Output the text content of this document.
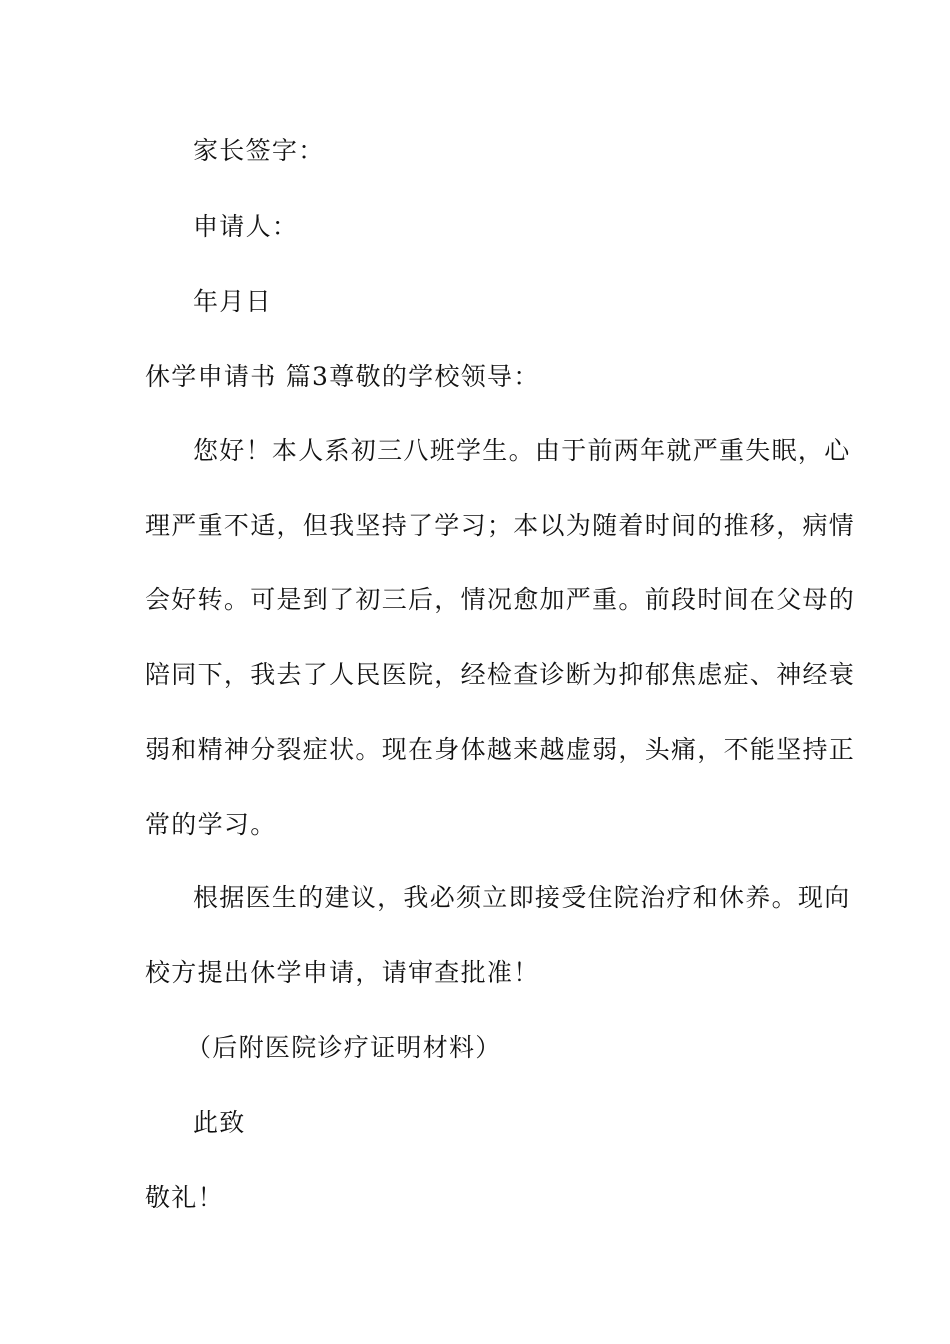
家长签字：
申请人：
年月日
休学申请书 篇3尊敬的学校领导：
您好！本人系初三八班学生。由于前两年就严重失眠，心
理严重不适，但我坚持了学习；本以为随着时间的推移，病情
会好转。可是到了初三后，情况愈加严重。前段时间在父母的
陪同下，我去了人民医院，经检查诊断为抑郁焦虑症、神经衰
弱和精神分裂症状。现在身体越来越虚弱，头痛，不能坚持正
常的学习。
根据医生的建议，我必须立即接受住院治疗和休养。现向
校方提出休学申请，请审查批准！
（后附医院诊疗证明材料）
此致
敬礼！
